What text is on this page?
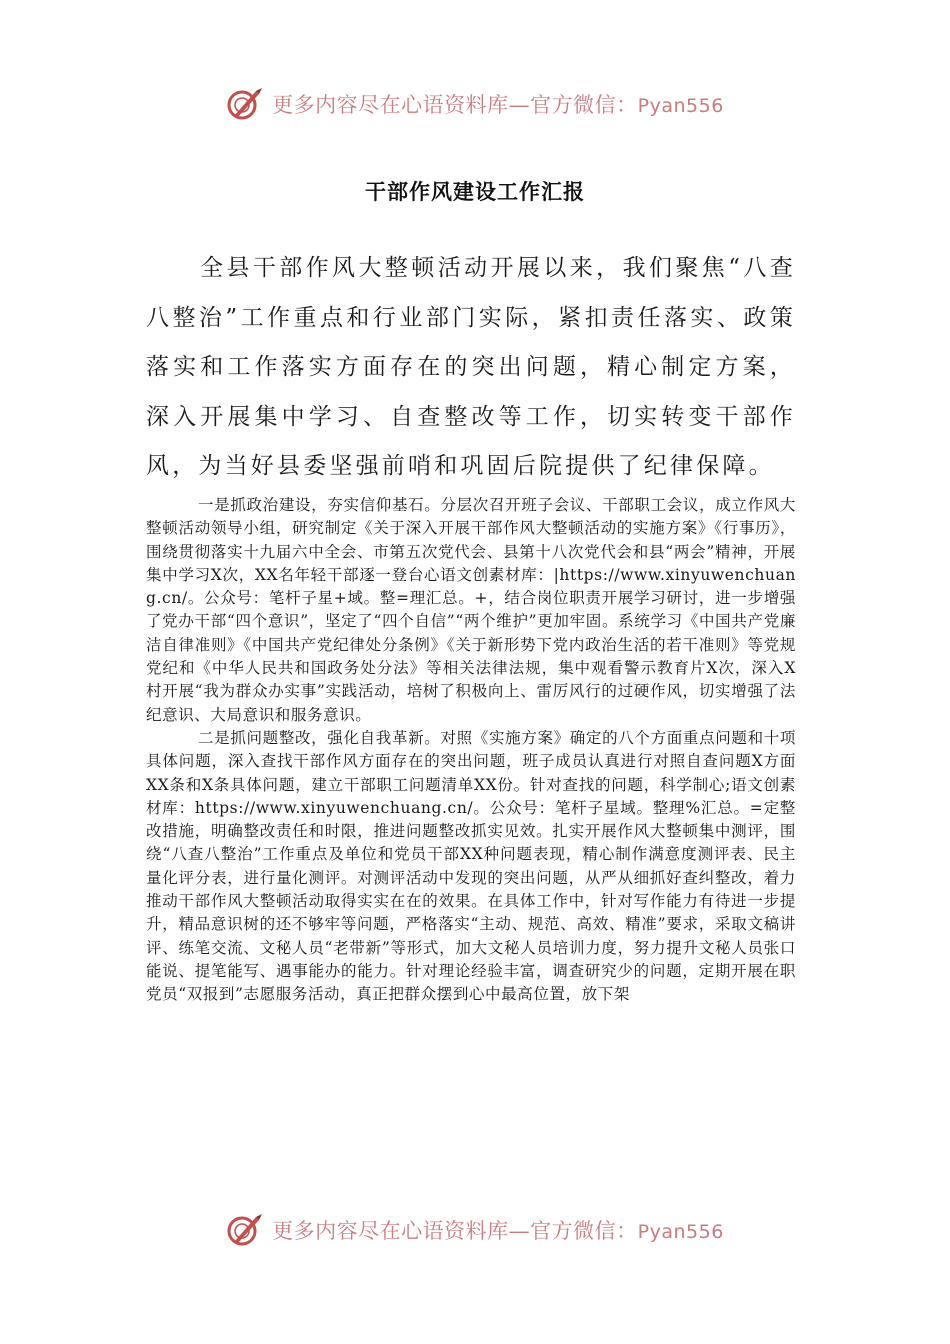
更多内容尽在心语资料库—官方微信：Pyan556
干部作风建设工作汇报

全县干部作风大整顿活动开展以来，我们聚焦“八查八整治”工作重点和行业部门实际，紧扣责任落实、政策落实和工作落实方面存在的突出问题，精心制定方案，深入开展集中学习、自查整改等工作，切实转变干部作风，为当好县委坚强前哨和巩固后院提供了纪律保障。

一是抓政治建设，夯实信仰基石。分层次召开班子会议、干部职工会议，成立作风大整顿活动领导小组，研究制定《关于深入开展干部作风大整顿活动的实施方案》《行事历》，围绕贯彻落实十九届六中全会、市第五次党代会、县第十八次党代会和县“两会”精神，开展集中学习X次，XX名年轻干部逐一登台心语文创素材库：|https://www.xinyuwenchuang.cn/。公众号：笔杆子星+域。整=理汇总。+，结合岗位职责开展学习研讨，进一步增强了党办干部“四个意识”，坚定了“四个自信”“两个维护”更加牢固。系统学习《中国共产党廉洁自律准则》《中国共产党纪律处分条例》《关于新形势下党内政治生活的若干准则》等党规党纪和《中华人民共和国政务处分法》等相关法律法规，集中观看警示教育片X次，深入X村开展“我为群众办实事”实践活动，培树了积极向上、雷厉风行的过硬作风，切实增强了法纪意识、大局意识和服务意识。

二是抓问题整改，强化自我革新。对照《实施方案》确定的八个方面重点问题和十项具体问题，深入查找干部作风方面存在的突出问题，班子成员认真进行对照自查问题X方面XX条和X条具体问题，建立干部职工问题清单XX份。针对查找的问题，科学制心;语文创素材库：https://www.xinyuwenchuang.cn/。公众号：笔杆子星域。整理%汇总。=定整改措施，明确整改责任和时限，推进问题整改抓实见效。扎实开展作风大整顿集中测评，围绕“八查八整治”工作重点及单位和党员干部XX种问题表现，精心制作满意度测评表、民主量化评分表，进行量化测评。对测评活动中发现的突出问题，从严从细抓好查纠整改，着力推动干部作风大整顿活动取得实实在在的效果。在具体工作中，针对写作能力有待进一步提升，精品意识树的还不够牢等问题，严格落实“主动、规范、高效、精准”要求，采取文稿讲评、练笔交流、文秘人员“老带新”等形式，加大文秘人员培训力度，努力提升文秘人员张口能说、提笔能写、遇事能办的能力。针对理论经验丰富，调查研究少的问题，定期开展在职党员“双报到”志愿服务活动，真正把群众摆到心中最高位置，放下架

更多内容尽在心语资料库—官方微信：Pyan556
